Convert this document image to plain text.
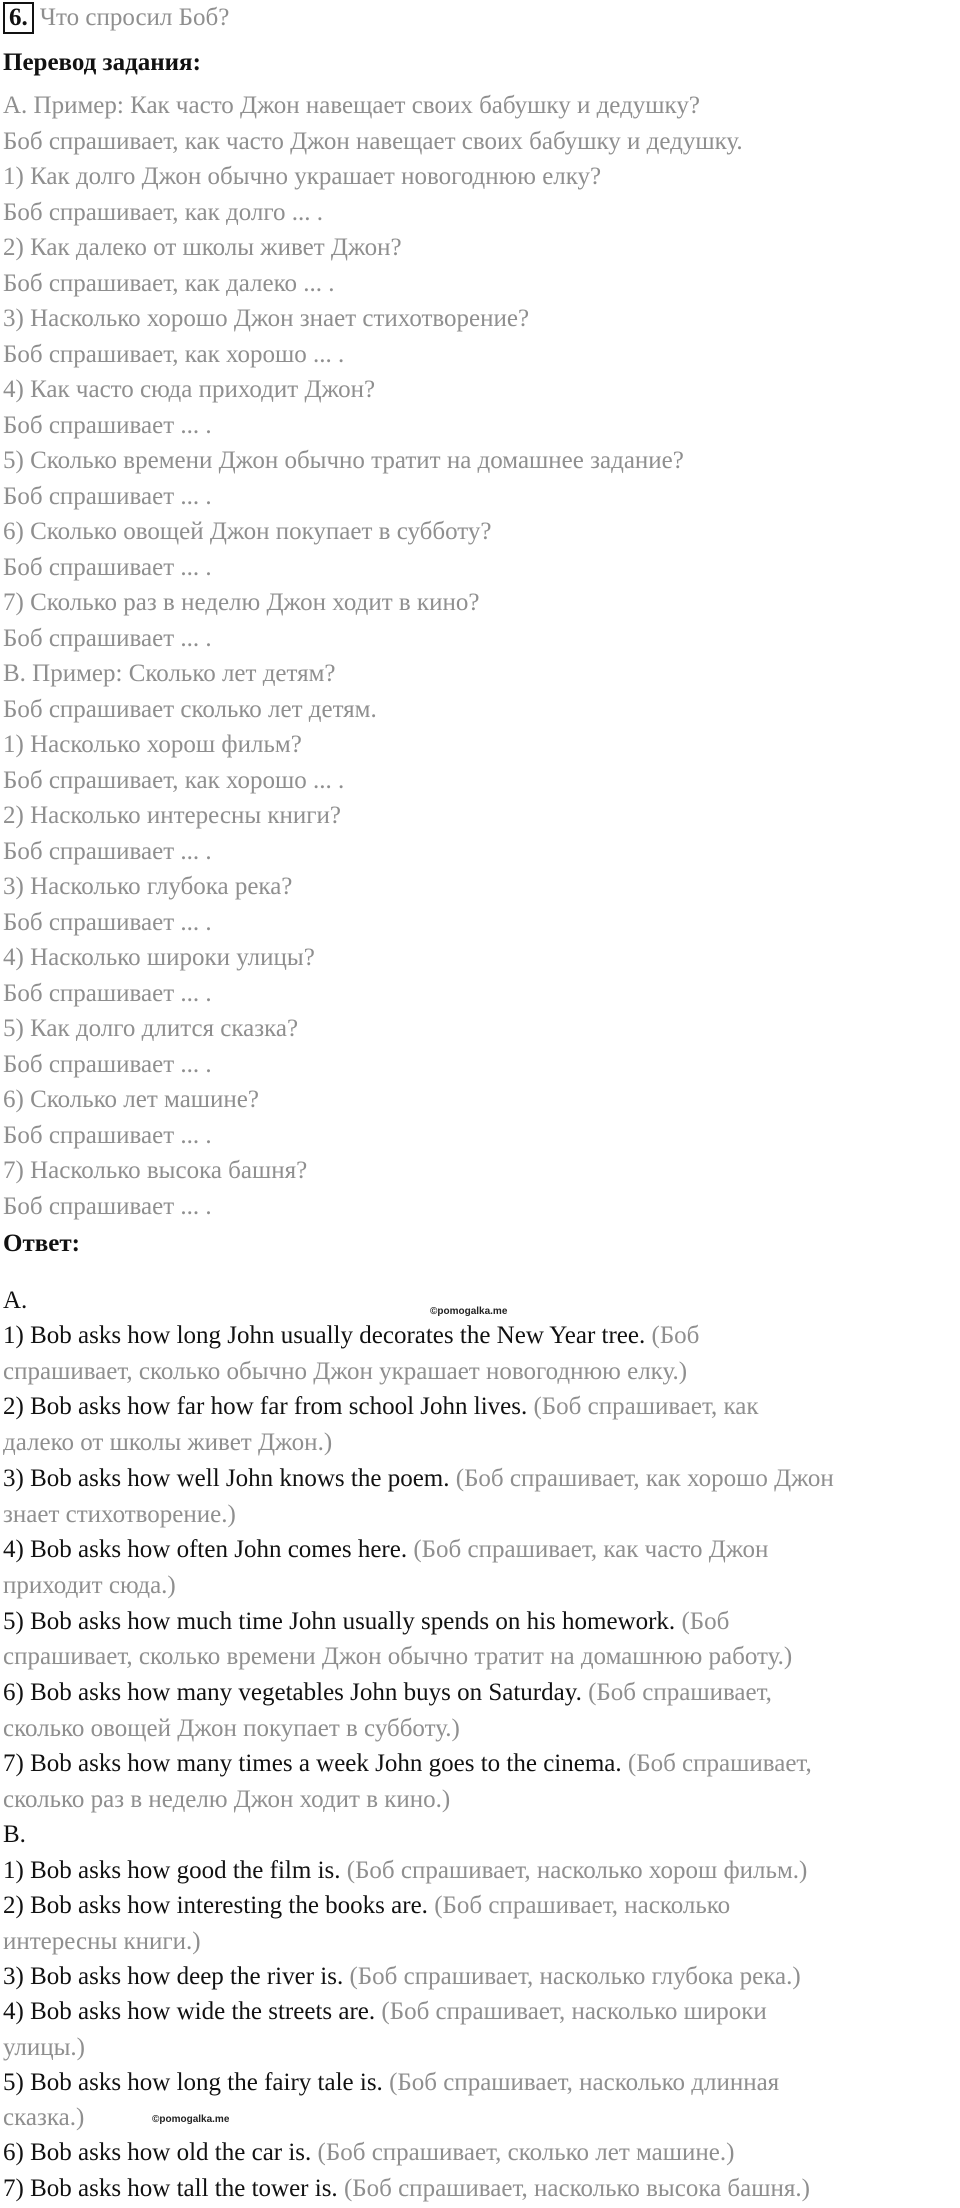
6. Что спросил Боб?
Перевод задания:
А. Пример: Как часто Джон навещает своих бабушку и дедушку?
Боб спрашивает, как часто Джон навещает своих бабушку и дедушку.
1) Как долго Джон обычно украшает новогоднюю елку?
Боб спрашивает, как долго ... .
2) Как далеко от школы живет Джон?
Боб спрашивает, как далеко ... .
3) Насколько хорошо Джон знает стихотворение?
Боб спрашивает, как хорошо ... .
4) Как часто сюда приходит Джон?
Боб спрашивает ... .
5) Сколько времени Джон обычно тратит на домашнее задание?
Боб спрашивает ... .
6) Сколько овощей Джон покупает в субботу?
Боб спрашивает ... .
7) Сколько раз в неделю Джон ходит в кино?
Боб спрашивает ... .
В. Пример: Сколько лет детям?
Боб спрашивает сколько лет детям.
1) Насколько хорош фильм?
Боб спрашивает, как хорошо ... .
2) Насколько интересны книги?
Боб спрашивает ... .
3) Насколько глубока река?
Боб спрашивает ... .
4) Насколько широки улицы?
Боб спрашивает ... .
5) Как долго длится сказка?
Боб спрашивает ... .
6) Сколько лет машине?
Боб спрашивает ... .
7) Насколько высока башня?
Боб спрашивает ... .
Ответ:
A.	©pomogalka.me
1) Bob asks how long John usually decorates the New Year tree. (Боб
спрашивает, сколько обычно Джон украшает новогоднюю елку.)
2) Bob asks how far how far from school John lives. (Боб спрашивает, как
далеко от школы живет Джон.)
3) Bob asks how well John knows the poem. (Боб спрашивает, как хорошо Джон
знает стихотворение.)
4) Bob asks how often John comes here. (Боб спрашивает, как часто Джон
приходит сюда.)
5) Bob asks how much time John usually spends on his homework. (Боб
спрашивает, сколько времени Джон обычно тратит на домашнюю работу.)
6) Bob asks how many vegetables John buys on Saturday. (Боб спрашивает,
сколько овощей Джон покупает в субботу.)
7) Bob asks how many times a week John goes to the cinema. (Боб спрашивает,
сколько раз в неделю Джон ходит в кино.)
B.
1) Bob asks how good the film is. (Боб спрашивает, насколько хорош фильм.)
2) Bob asks how interesting the books are. (Боб спрашивает, насколько
интересны книги.)
3) Bob asks how deep the river is. (Боб спрашивает, насколько глубока река.)
4) Bob asks how wide the streets are. (Боб спрашивает, насколько широки
улицы.)
5) Bob asks how long the fairy tale is. (Боб спрашивает, насколько длинная
сказка.)
6) Bob asks how old the car is. (Боб спрашивает, сколько лет машине.)
7) Bob asks how tall the tower is. (Боб спрашивает, насколько высока башня.)
©pomogalka.me
